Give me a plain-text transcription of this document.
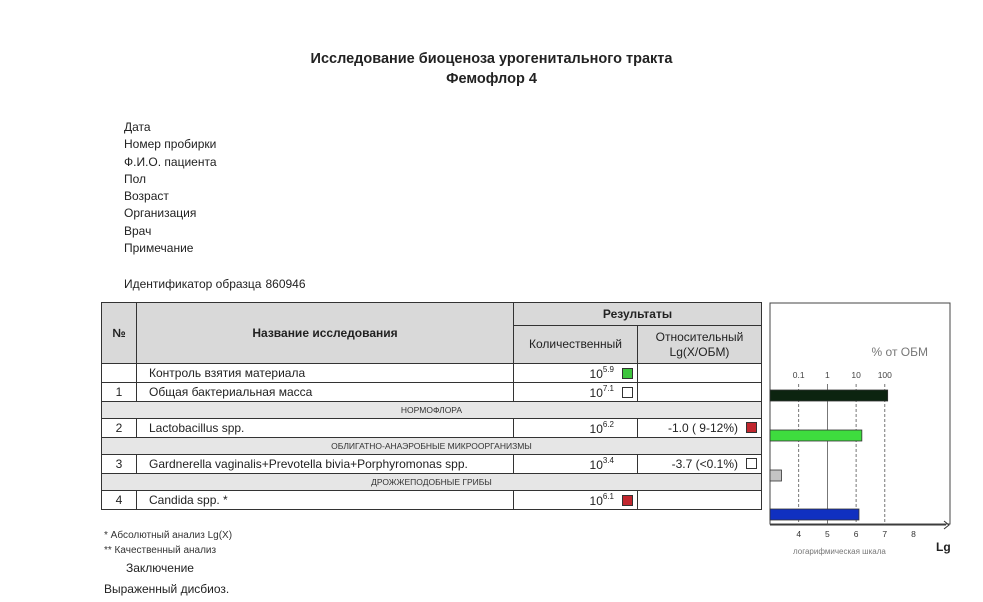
Исследование биоценоза урогенитального тракта
Фемофлор 4
Дата
Номер пробирки
Ф.И.О. пациента
Пол
Возраст
Организация
Врач
Примечание
Идентификатор образца 860946
№	Название исследования	Результаты	
		Количественный	Относительный Lg(X/ОБМ)
	Контроль взятия материала	$10^{5.9}$	
1	Общая бактериальная масса	$10^{7.1}$	
НОРМОФЛОРА			
2	Lactobacillus spp.	$10^{6.2}$	-1.0 ( 9-12%)
ОБЛИГАТНО-АНАЭРОБНЫЕ МИКРООРГАНИЗМЫ			
3	Gardnerella vaginalis+Prevotella bivia+Porphyromonas spp.	$10^{3.4}$	-3.7 (<0.1%)
ДРОЖЖЕПОДОБНЫЕ ГРИБЫ			
4	Candida spp. *	$10^{6.1}$	
* Абсолютный анализ Lg(X)
** Качественный анализ
Заключение
Выраженный дисбиоз.
% от ОБМ
0.1 1	10 100
4	5	6	7	8
логарифмическая шкала	Lg
